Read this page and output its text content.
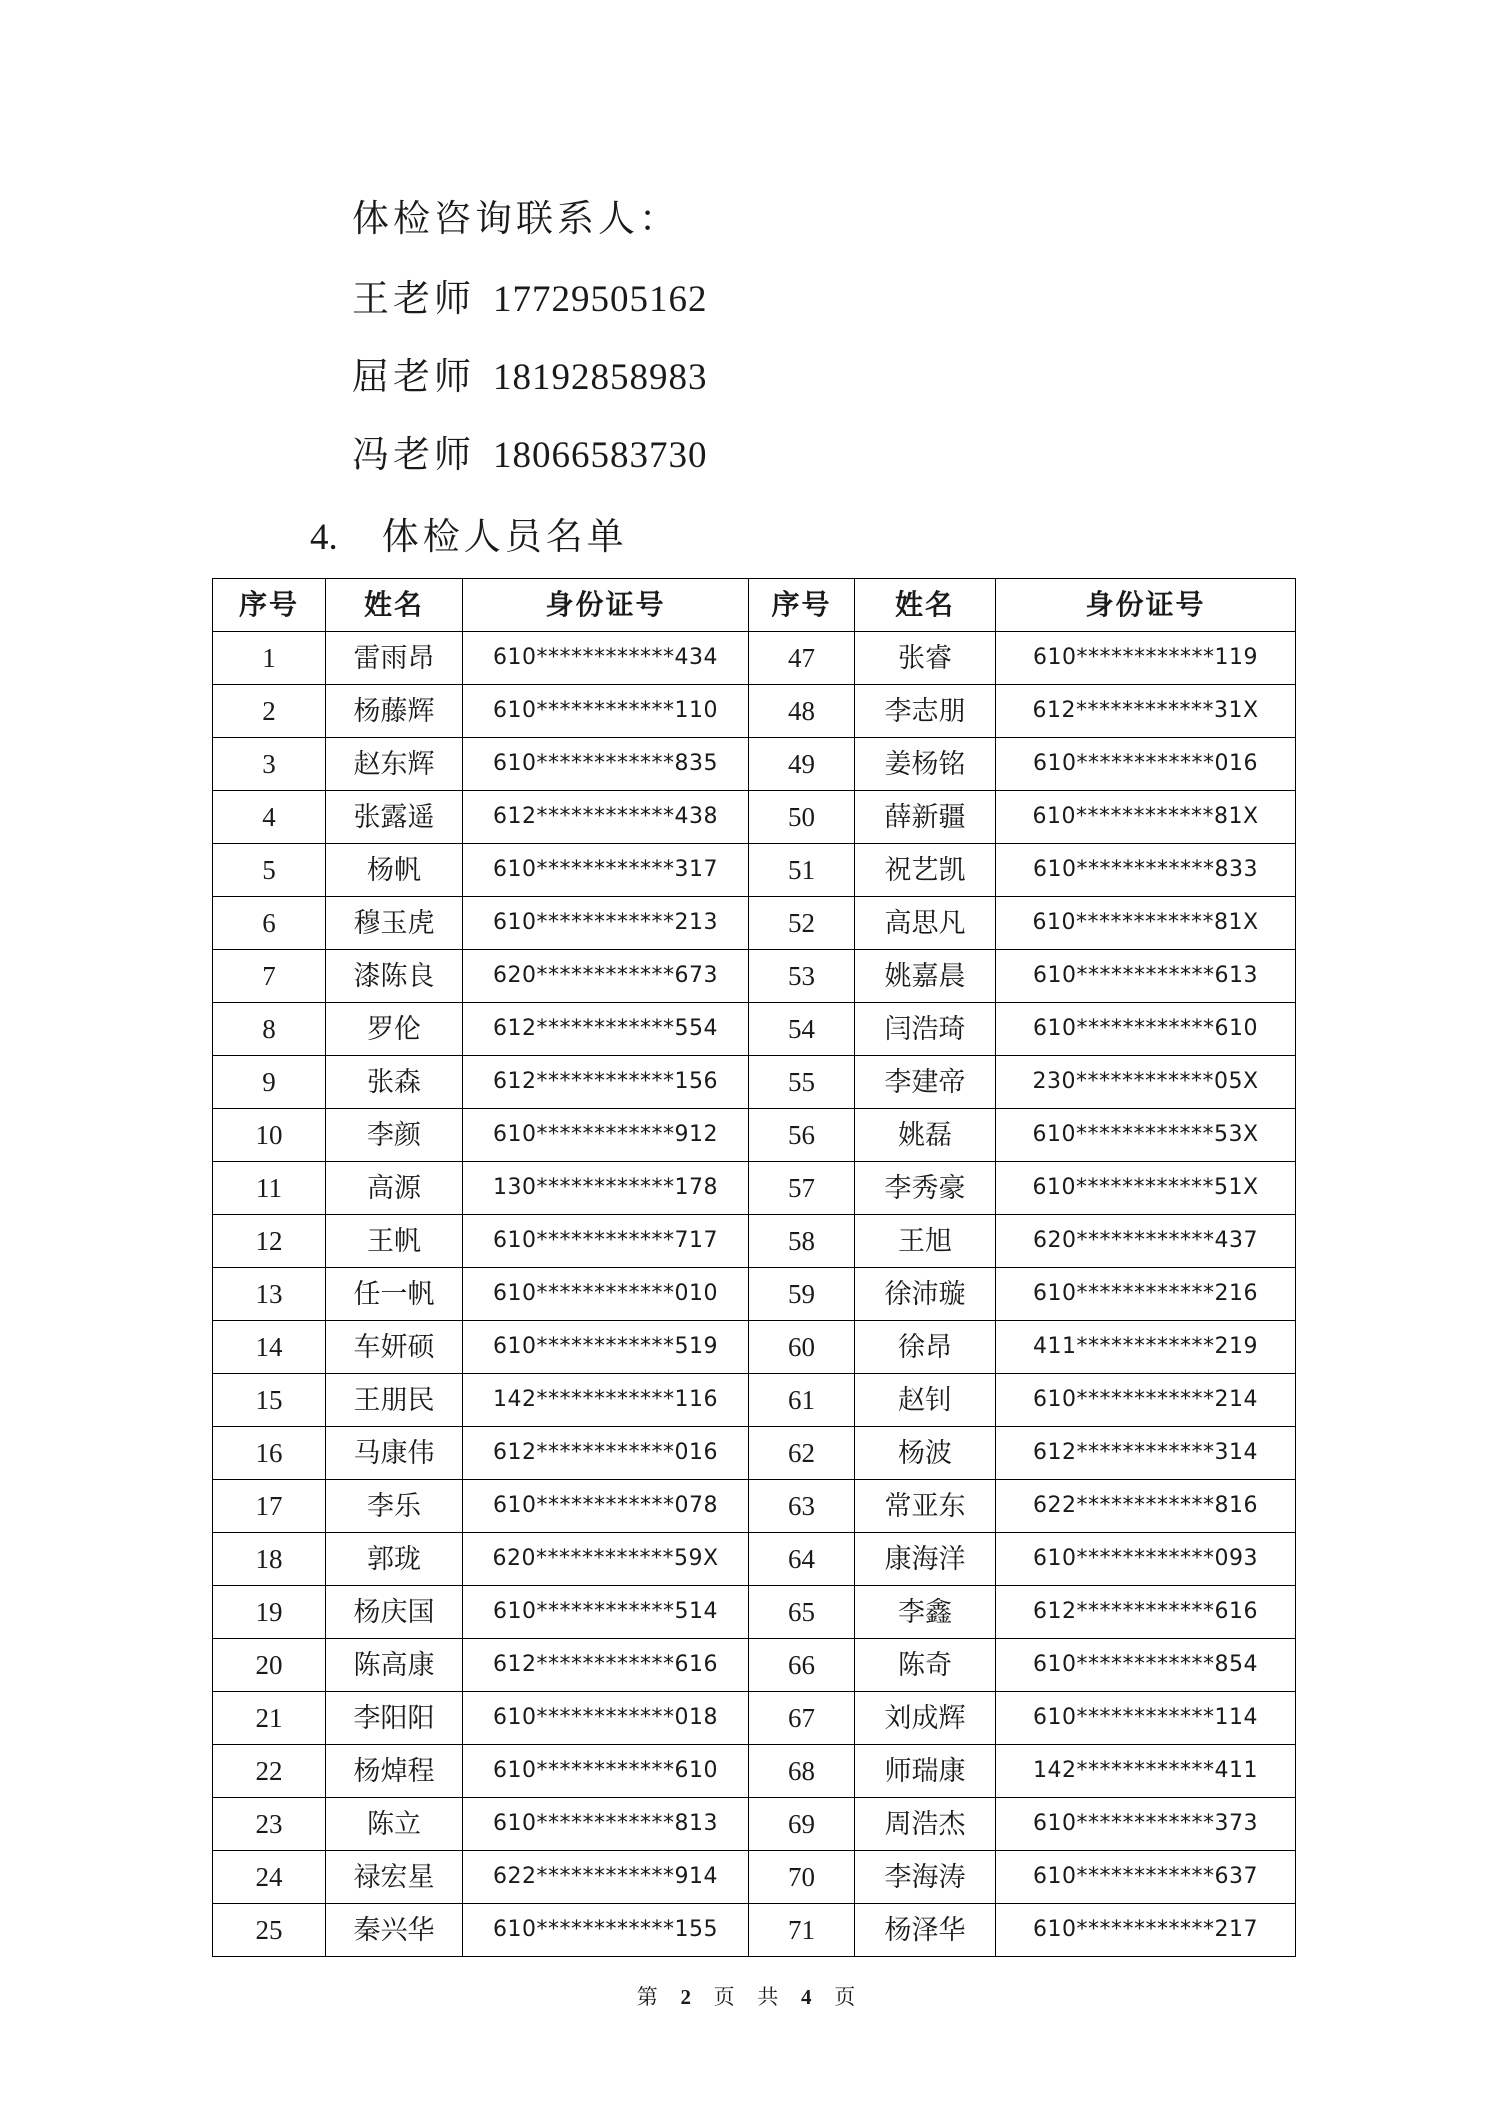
体检咨询联系人：
王老师 17729505162
屈老师 18192858983
冯老师 18066583730
4. 体检人员名单
序号	姓名	身份证号	序号	姓名	身份证号
1	雷雨昂	610************434	47	张睿	610************119
2	杨藤辉	610************110	48	李志朋	612************31X
3	赵东辉	610************835	49	姜杨铭	610************016
4	张露遥	612************438	50	薛新疆	610************81X
5	杨帆	610************317	51	祝艺凯	610************833
6	穆玉虎	610************213	52	高思凡	610************81X
7	漆陈良	620************673	53	姚嘉晨	610************613
8	罗伦	612************554	54	闫浩琦	610************610
9	张森	612************156	55	李建帝	230************05X
10	李颜	610************912	56	姚磊	610************53X
11	高源	130************178	57	李秀豪	610************51X
12	王帆	610************717	58	王旭	620************437
13	任一帆	610************010	59	徐沛璇	610************216
14	车妍硕	610************519	60	徐昂	411************219
15	王朋民	142************116	61	赵钊	610************214
16	马康伟	612************016	62	杨波	612************314
17	李乐	610************078	63	常亚东	622************816
18	郭珑	620************59X	64	康海洋	610************093
19	杨庆国	610************514	65	李鑫	612************616
20	陈高康	612************616	66	陈奇	610************854
21	李阳阳	610************018	67	刘成辉	610************114
22	杨焯程	610************610	68	师瑞康	142************411
23	陈立	610************813	69	周浩杰	610************373
24	禄宏星	622************914	70	李海涛	610************637
25	秦兴华	610************155	71	杨泽华	610************217
第 2 页 共 4 页
